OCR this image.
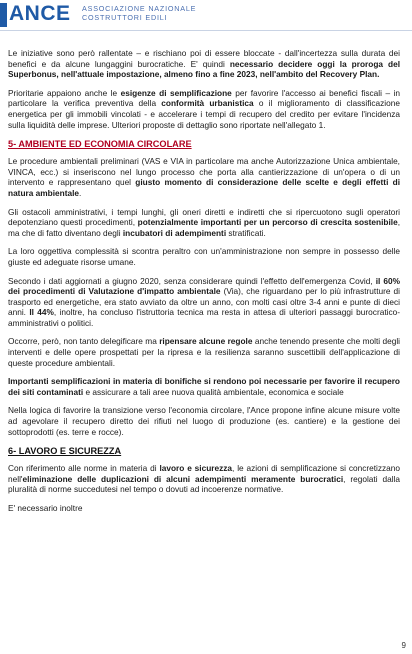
ANCE ASSOCIAZIONE NAZIONALE
COSTRUTTORI EDILI

Le iniziative sono però rallentate – e rischiano poi di essere bloccate - dall'incertezza sulla durata dei benefici e da alcune lungaggini burocratiche. E' quindi necessario decidere oggi la proroga del Superbonus, nell'attuale impostazione, almeno fino a fine 2023, nell'ambito del Recovery Plan.

Prioritarie appaiono anche le esigenze di semplificazione per favorire l'accesso ai benefici fiscali – in particolare la verifica preventiva della conformità urbanistica o il miglioramento di classificazione energetica per gli immobili vincolati - e accelerare i tempi di recupero del credito per evitare l'incidenza sulla liquidità delle imprese. Ulteriori proposte di dettaglio sono riportate nell'allegato 1.

5- AMBIENTE ED ECONOMIA CIRCOLARE

Le procedure ambientali preliminari (VAS e VIA in particolare ma anche Autorizzazione Unica ambientale, VINCA, ecc.) si inseriscono nel lungo processo che porta alla cantierizzazione di un'opera o di un intervento e rappresentano quel giusto momento di considerazione delle scelte e degli effetti di natura ambientale.

Gli ostacoli amministrativi, i tempi lunghi, gli oneri diretti e indiretti che si ripercuotono sugli operatori depotenziano questi procedimenti, potenzialmente importanti per un percorso di crescita sostenibile, ma che di fatto diventano degli incubatori di adempimenti stratificati.

La loro oggettiva complessità si scontra peraltro con un'amministrazione non sempre in possesso delle giuste ed adeguate risorse umane.

Secondo i dati aggiornati a giugno 2020, senza considerare quindi l'effetto dell'emergenza Covid, il 60% dei procedimenti di Valutazione d'impatto ambientale (Via), che riguardano per lo più infrastrutture di trasporto ed energetiche, era stato avviato da oltre un anno, con molti casi oltre 3-4 anni e punte di dieci anni. Il 44%, inoltre, ha concluso l'istruttoria tecnica ma resta in attesa di ulteriori passaggi burocratico-amministrativi o politici.

Occorre, però, non tanto delegificare ma ripensare alcune regole anche tenendo presente che molti degli interventi e delle opere prospettati per la ripresa e la resilienza saranno suscettibili dell'applicazione di queste procedure ambientali.

Importanti semplificazioni in materia di bonifiche si rendono poi necessarie per favorire il recupero dei siti contaminati e assicurare a tali aree nuova qualità ambientale, economica e sociale

Nella logica di favorire la transizione verso l'economia circolare, l'Ance propone infine alcune misure volte ad agevolare il recupero diretto dei rifiuti nel luogo di produzione (es. cantiere) e la gestione dei sottoprodotti (es. terre e rocce).

6- LAVORO E SICUREZZA

Con riferimento alle norme in materia di lavoro e sicurezza, le azioni di semplificazione si concretizzano nell'eliminazione delle duplicazioni di alcuni adempimenti meramente burocratici, regolati dalla pluralità di norme succedutesi nel tempo o dovuti ad incoerenze normative.

E' necessario inoltre

9
